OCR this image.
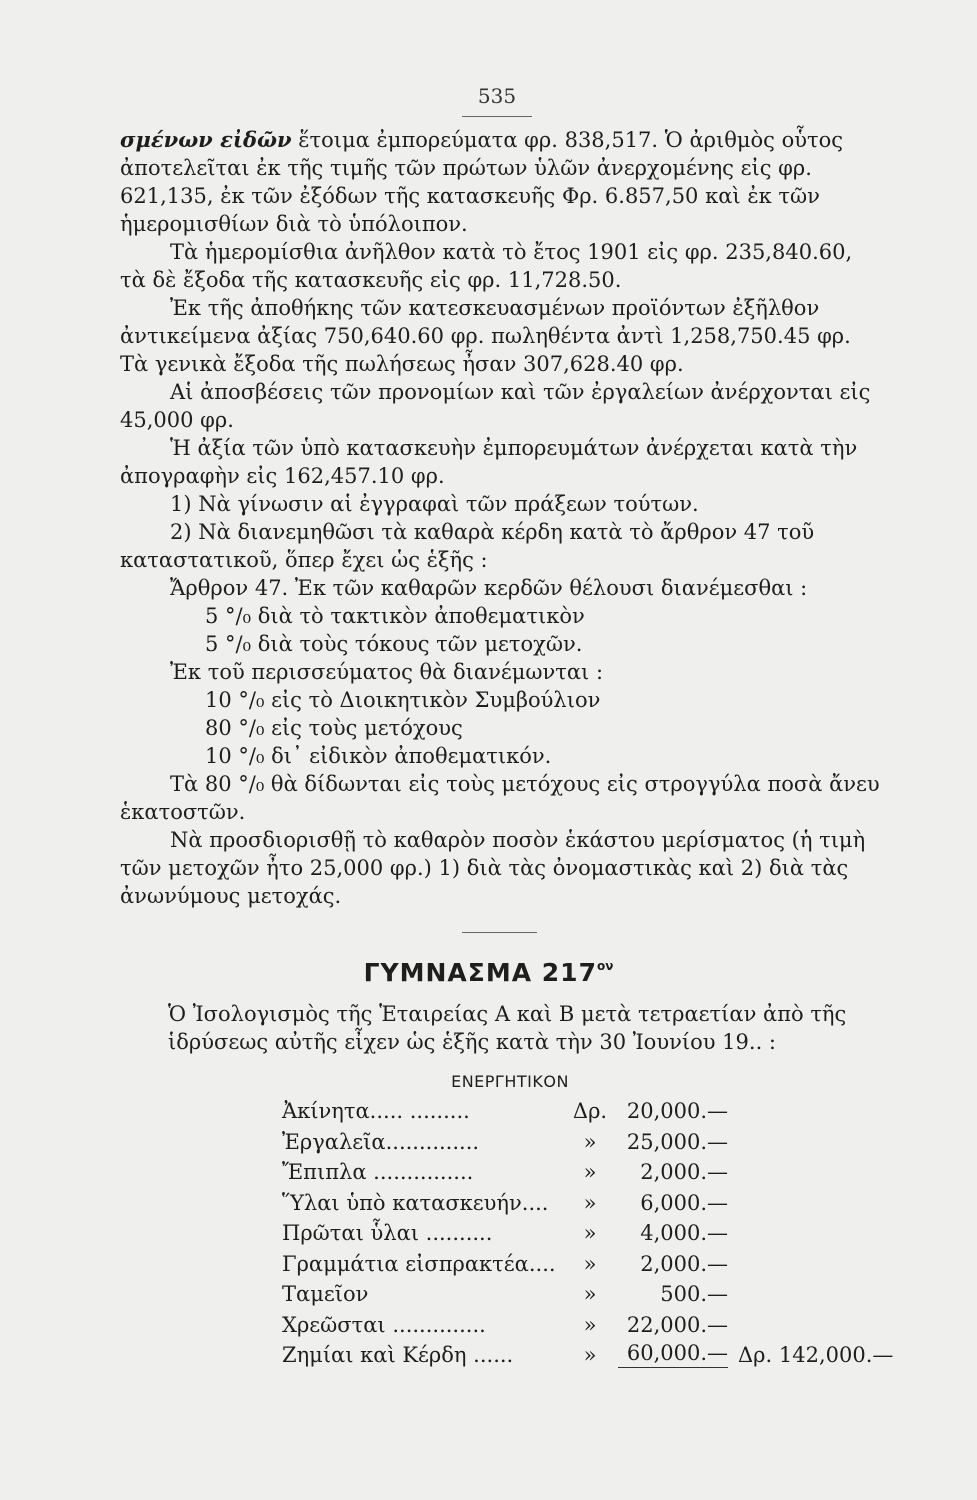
535

σμένων εἰδῶν ἕτοιμα ἐμπορεύματα φρ. 838,517. Ὁ ἀριθμὸς οὗτος ἀποτελεῖται ἐκ τῆς τιμῆς τῶν πρώτων ὑλῶν ἀνερχομένης εἰς φρ. 621,135, ἐκ τῶν ἐξόδων τῆς κατασκευῆς Φρ. 6.857,50 καὶ ἐκ τῶν ἡμερομισθίων διὰ τὸ ὑπόλοιπον.

Τὰ ἡμερομίσθια ἀνῆλθον κατὰ τὸ ἔτος 1901 εἰς φρ. 235,840.60, τὰ δὲ ἔξοδα τῆς κατασκευῆς εἰς φρ. 11,728.50.

Ἐκ τῆς ἀποθήκης τῶν κατεσκευασμένων προϊόντων ἐξῆλθον ἀντικείμενα ἀξίας 750,640.60 φρ. πωληθέντα ἀντὶ 1,258,750.45 φρ. Τὰ γενικὰ ἔξοδα τῆς πωλήσεως ἦσαν 307,628.40 φρ.

Αἱ ἀποσβέσεις τῶν προνομίων καὶ τῶν ἐργαλείων ἀνέρχονται εἰς 45,000 φρ.

Ἡ ἀξία τῶν ὑπὸ κατασκευὴν ἐμπορευμάτων ἀνέρχεται κατὰ τὴν ἀπογραφὴν εἰς 162,457.10 φρ.

1) Νὰ γίνωσιν αἱ ἐγγραφαὶ τῶν πράξεων τούτων.

2) Νὰ διανεμηθῶσι τὰ καθαρὰ κέρδη κατὰ τὸ ἄρθρον 47 τοῦ καταστατικοῦ, ὅπερ ἔχει ὡς ἑξῆς :

Ἄρθρον 47. Ἐκ τῶν καθαρῶν κερδῶν θέλουσι διανέμεσθαι :

5 °/₀ διὰ τὸ τακτικὸν ἀποθεματικὸν

5 °/₀ διὰ τοὺς τόκους τῶν μετοχῶν.

Ἐκ τοῦ περισσεύματος θὰ διανέμωνται :

10 °/₀ εἰς τὸ Διοικητικὸν Συμβούλιον

80 °/₀ εἰς τοὺς μετόχους

10 °/₀ δι᾽ εἰδικὸν ἀποθεματικόν.

Τὰ 80 °/₀ θὰ δίδωνται εἰς τοὺς μετόχους εἰς στρογγύλα ποσὰ ἄνευ ἑκατοστῶν.

Νὰ προσδιορισθῇ τὸ καθαρὸν ποσὸν ἑκάστου μερίσματος (ἡ τιμὴ τῶν μετοχῶν ἦτο 25,000 φρ.) 1) διὰ τὰς ὀνομαστικὰς καὶ 2) διὰ τὰς ἀνωνύμους μετοχάς.

ΓΥΜΝΑΣΜΑ $217^{o\nu}$

Ὁ Ἰσολογισμὸς τῆς Ἑταιρείας Α καὶ Β μετὰ τετραετίαν ἀπὸ τῆς ἱδρύσεως αὐτῆς εἶχεν ὡς ἑξῆς κατὰ τὴν 30 Ἰουνίου 19.. :

ΕΝΕΡΓΗΤΙΚΟΝ
Ἀκίνητα..... .........	Δρ. 20,000.—
Ἐργαλεῖα..............	»	25,000.—
Ἔπιπλα ...............	»	2,000.—
Ὕλαι ὑπὸ κατασκευήν....	»	6,000.—
Πρῶται ὗλαι ..........	»	4,000.—
Γραμμάτια εἰσπρακτέα....	»	2,000.—
Ταμεῖον	»	500.—
Χρεῶσται ..............	»	22,000.—
Ζημίαι καὶ Κέρδη ......	»	60,000.— Δρ. 142,000.—
